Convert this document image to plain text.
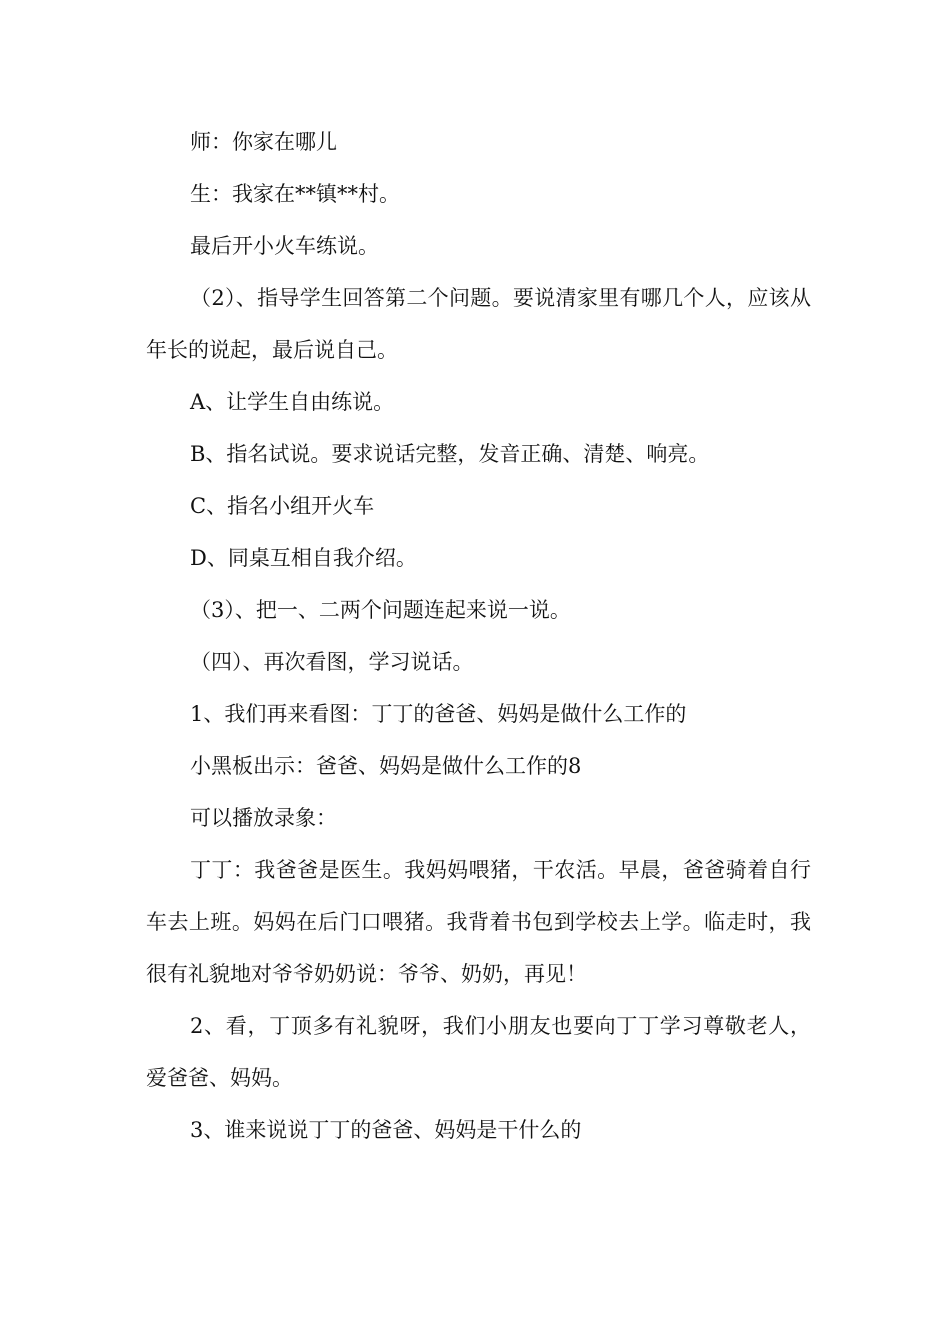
师：你家在哪儿

生：我家在**镇**村。

最后开小火车练说。

（2）、指导学生回答第二个问题。要说清家里有哪几个人，应该从年长的说起，最后说自己。

A、让学生自由练说。

B、指名试说。要求说话完整，发音正确、清楚、响亮。

C、指名小组开火车

D、同桌互相自我介绍。

（3）、把一、二两个问题连起来说一说。

（四）、再次看图，学习说话。

1、我们再来看图：丁丁的爸爸、妈妈是做什么工作的

小黑板出示：爸爸、妈妈是做什么工作的8

可以播放录象：

丁丁：我爸爸是医生。我妈妈喂猪，干农活。早晨，爸爸骑着自行车去上班。妈妈在后门口喂猪。我背着书包到学校去上学。临走时，我很有礼貌地对爷爷奶奶说：爷爷、奶奶，再见！

2、看，丁顶多有礼貌呀，我们小朋友也要向丁丁学习尊敬老人，爱爸爸、妈妈。

3、谁来说说丁丁的爸爸、妈妈是干什么的
